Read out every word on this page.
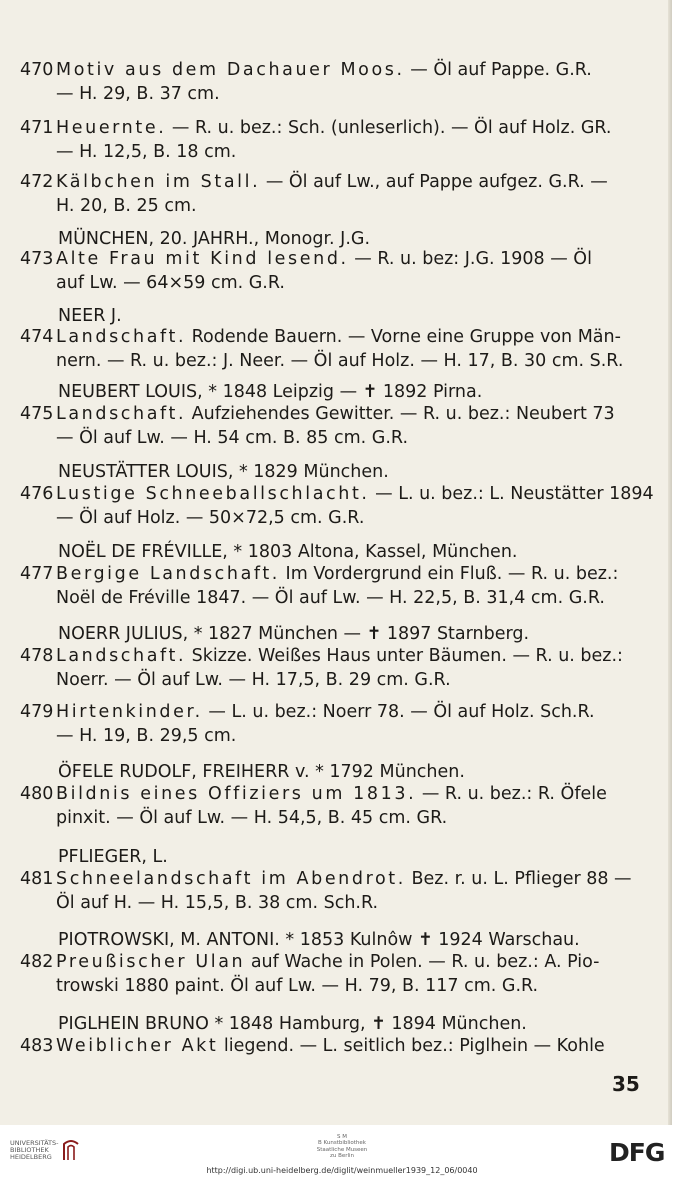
470 Motiv aus dem Dachauer Moos. — Öl auf Pappe. G.R.
— H. 29, B. 37 cm.
471 Heuernte. — R. u. bez.: Sch. (unleserlich). — Öl auf Holz. GR.
— H. 12,5, B. 18 cm.
472 Kälbchen im Stall. — Öl auf Lw., auf Pappe aufgez. G.R. —
H. 20, B. 25 cm.
MÜNCHEN, 20. JAHRH., Monogr. J.G.
473 Alte Frau mit Kind lesend. — R. u. bez: J.G. 1908 — Öl
auf Lw. — 64×59 cm. G.R.
NEER J.
474 Landschaft. Rodende Bauern. — Vorne eine Gruppe von Män-
nern. — R. u. bez.: J. Neer. — Öl auf Holz. — H. 17, B. 30 cm. S.R.
NEUBERT LOUIS, * 1848 Leipzig — ✝ 1892 Pirna.
475 Landschaft. Aufziehendes Gewitter. — R. u. bez.: Neubert 73
— Öl auf Lw. — H. 54 cm. B. 85 cm. G.R.
NEUSTÄTTER LOUIS, * 1829 München.
476 Lustige Schneeballschlacht. — L. u. bez.: L. Neustätter 1894
— Öl auf Holz. — 50×72,5 cm. G.R.
NOËL DE FRÉVILLE, * 1803 Altona, Kassel, München.
477 Bergige Landschaft. Im Vordergrund ein Fluß. — R. u. bez.:
Noël de Fréville 1847. — Öl auf Lw. — H. 22,5, B. 31,4 cm. G.R.
NOERR JULIUS, * 1827 München — ✝ 1897 Starnberg.
478 Landschaft. Skizze. Weißes Haus unter Bäumen. — R. u. bez.:
Noerr. — Öl auf Lw. — H. 17,5, B. 29 cm. G.R.
479 Hirtenkinder. — L. u. bez.: Noerr 78. — Öl auf Holz. Sch.R.
— H. 19, B. 29,5 cm.
ÖFELE RUDOLF, FREIHERR v. * 1792 München.
480 Bildnis eines Offiziers um 1813. — R. u. bez.: R. Öfele
pinxit. — Öl auf Lw. — H. 54,5, B. 45 cm. GR.
PFLIEGER, L.
481 Schneelandschaft im Abendrot. Bez. r. u. L. Pflieger 88 —
Öl auf H. — H. 15,5, B. 38 cm. Sch.R.
PIOTROWSKI, M. ANTONI. * 1853 Kulnôw ✝ 1924 Warschau.
482 Preußischer Ulan auf Wache in Polen. — R. u. bez.: A. Pio-
trowski 1880 paint. Öl auf Lw. — H. 79, B. 117 cm. G.R.
PIGLHEIN BRUNO * 1848 Hamburg, ✝ 1894 München.
483 Weiblicher Akt liegend. — L. seitlich bez.: Piglhein — Kohle
35
UNIVERSITÄTS-
BIBLIOTHEK
HEIDELBERG
S M
B Kunstbibliothek
Staatliche Museen
zu Berlin	DFG
http://digi.ub.uni-heidelberg.de/diglit/weinmueller1939_12_06/0040
